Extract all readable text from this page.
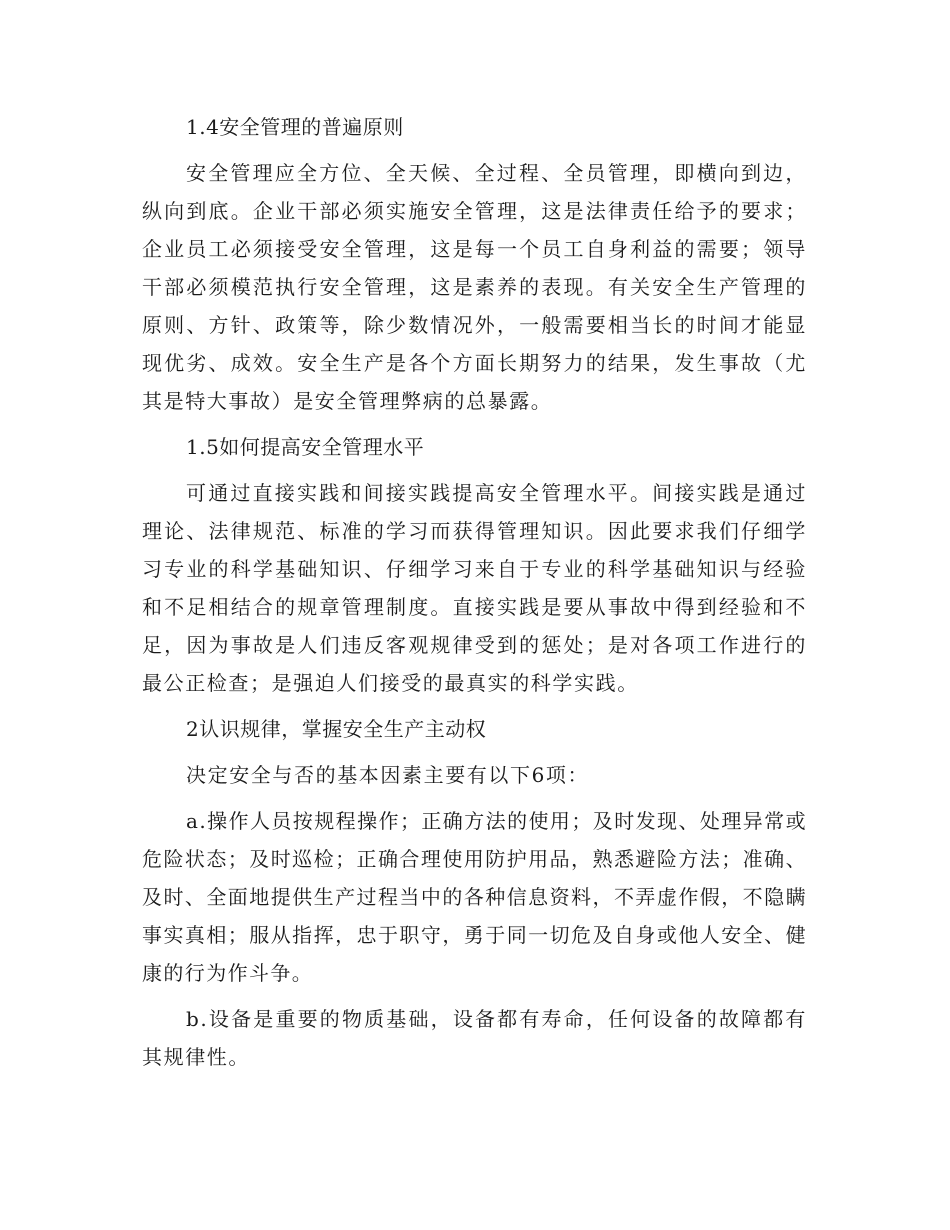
1.4安全管理的普遍原则
安全管理应全方位、全天候、全过程、全员管理，即横向到边，纵向到底。企业干部必须实施安全管理，这是法律责任给予的要求；企业员工必须接受安全管理，这是每一个员工自身利益的需要；领导干部必须模范执行安全管理，这是素养的表现。有关安全生产管理的原则、方针、政策等，除少数情况外，一般需要相当长的时间才能显现优劣、成效。安全生产是各个方面长期努力的结果，发生事故（尤其是特大事故）是安全管理弊病的总暴露。
1.5如何提高安全管理水平
可通过直接实践和间接实践提高安全管理水平。间接实践是通过理论、法律规范、标准的学习而获得管理知识。因此要求我们仔细学习专业的科学基础知识、仔细学习来自于专业的科学基础知识与经验和不足相结合的规章管理制度。直接实践是要从事故中得到经验和不足，因为事故是人们违反客观规律受到的惩处；是对各项工作进行的最公正检查；是强迫人们接受的最真实的科学实践。
2认识规律，掌握安全生产主动权
决定安全与否的基本因素主要有以下6项：
a.操作人员按规程操作；正确方法的使用；及时发现、处理异常或危险状态；及时巡检；正确合理使用防护用品，熟悉避险方法；准确、及时、全面地提供生产过程当中的各种信息资料，不弄虚作假，不隐瞒事实真相；服从指挥，忠于职守，勇于同一切危及自身或他人安全、健康的行为作斗争。
b.设备是重要的物质基础，设备都有寿命，任何设备的故障都有其规律性。
